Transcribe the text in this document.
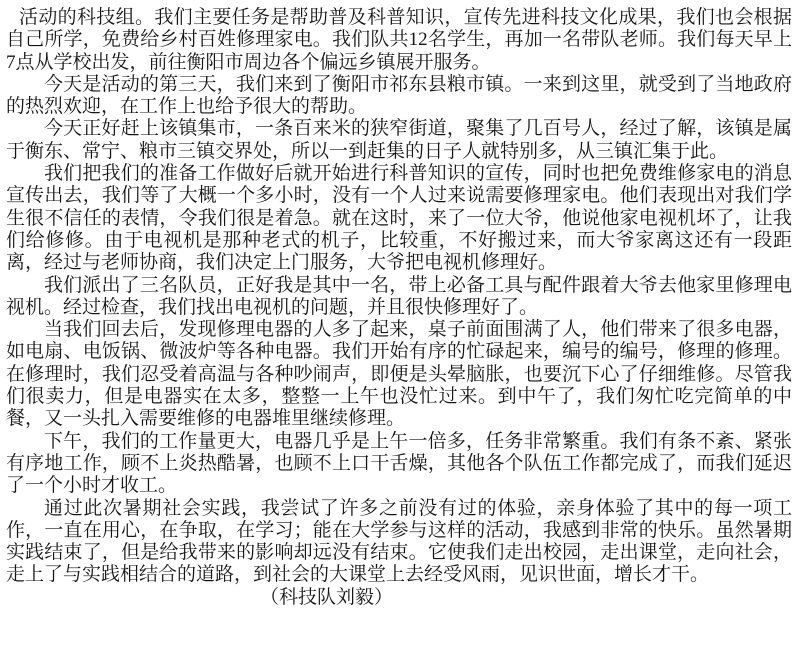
活动的科技组。我们主要任务是帮助普及科普知识，宣传先进科技文化成果，我们也会根据自己所学，免费给乡村百姓修理家电。我们队共12名学生，再加一名带队老师。我们每天早上7点从学校出发，前往衡阳市周边各个偏远乡镇展开服务。

今天是活动的第三天，我们来到了衡阳市祁东县粮市镇。一来到这里，就受到了当地政府的热烈欢迎，在工作上也给予很大的帮助。

今天正好赶上该镇集市，一条百来米的狭窄街道，聚集了几百号人，经过了解，该镇是属于衡东、常宁、粮市三镇交界处，所以一到赶集的日子人就特别多，从三镇汇集于此。

我们把我们的准备工作做好后就开始进行科普知识的宣传，同时也把免费维修家电的消息宣传出去，我们等了大概一个多小时，没有一个人过来说需要修理家电。他们表现出对我们学生很不信任的表情，令我们很是着急。就在这时，来了一位大爷，他说他家电视机坏了，让我们给修修。由于电视机是那种老式的机子，比较重，不好搬过来，而大爷家离这还有一段距离，经过与老师协商，我们决定上门服务，大爷把电视机修理好。

我们派出了三名队员，正好我是其中一名，带上必备工具与配件跟着大爷去他家里修理电视机。经过检查，我们找出电视机的问题，并且很快修理好了。

当我们回去后，发现修理电器的人多了起来，桌子前面围满了人，他们带来了很多电器，如电扇、电饭锅、微波炉等各种电器。我们开始有序的忙碌起来，编号的编号，修理的修理。在修理时，我们忍受着高温与各种吵闹声，即便是头晕脑胀，也要沉下心了仔细维修。尽管我们很卖力，但是电器实在太多，整整一上午也没忙过来。到中午了，我们匆忙吃完简单的中餐，又一头扎入需要维修的电器堆里继续修理。

下午，我们的工作量更大，电器几乎是上午一倍多，任务非常繁重。我们有条不紊、紧张有序地工作，顾不上炎热酷暑，也顾不上口干舌燥，其他各个队伍工作都完成了，而我们延迟了一个小时才收工。

通过此次暑期社会实践，我尝试了许多之前没有过的体验，亲身体验了其中的每一项工作，一直在用心，在争取，在学习；能在大学参与这样的活动，我感到非常的快乐。虽然暑期实践结束了，但是给我带来的影响却远没有结束。它使我们走出校园，走出课堂，走向社会，走上了与实践相结合的道路，到社会的大课堂上去经受风雨，见识世面，增长才干。

（科技队刘毅）
